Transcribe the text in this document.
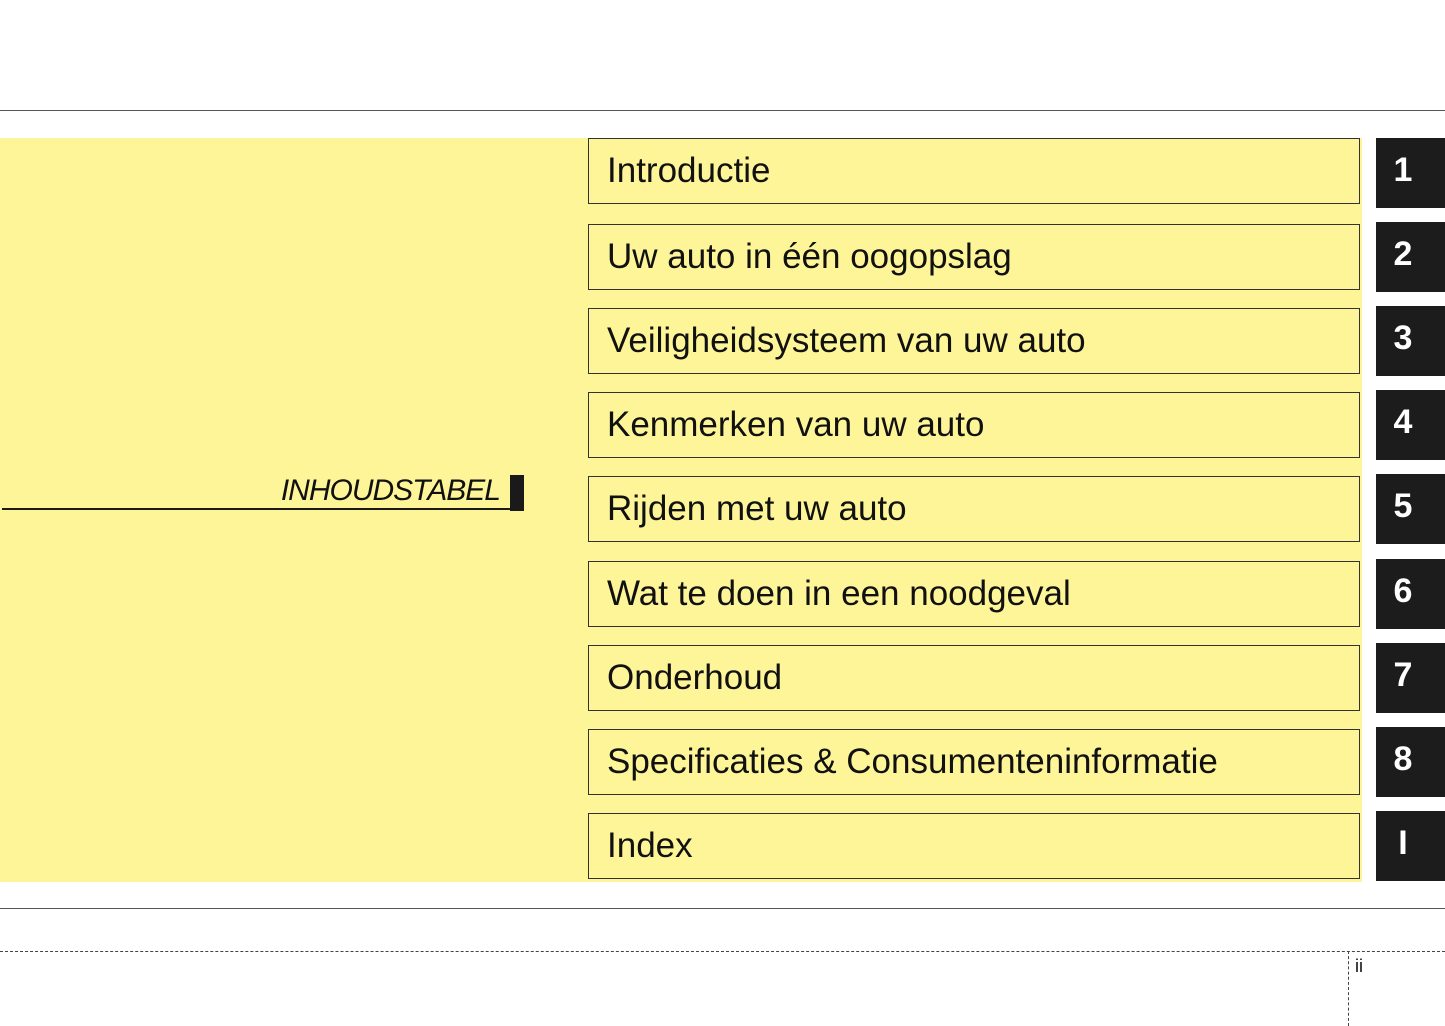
INHOUDSTABEL
Introductie	1
Uw auto in één oogopslag	2
Veiligheidsysteem van uw auto	3
Kenmerken van uw auto	4
Rijden met uw auto	5
Wat te doen in een noodgeval	6
Onderhoud	7
Specificaties & Consumenteninformatie	8
Index	I
ii
